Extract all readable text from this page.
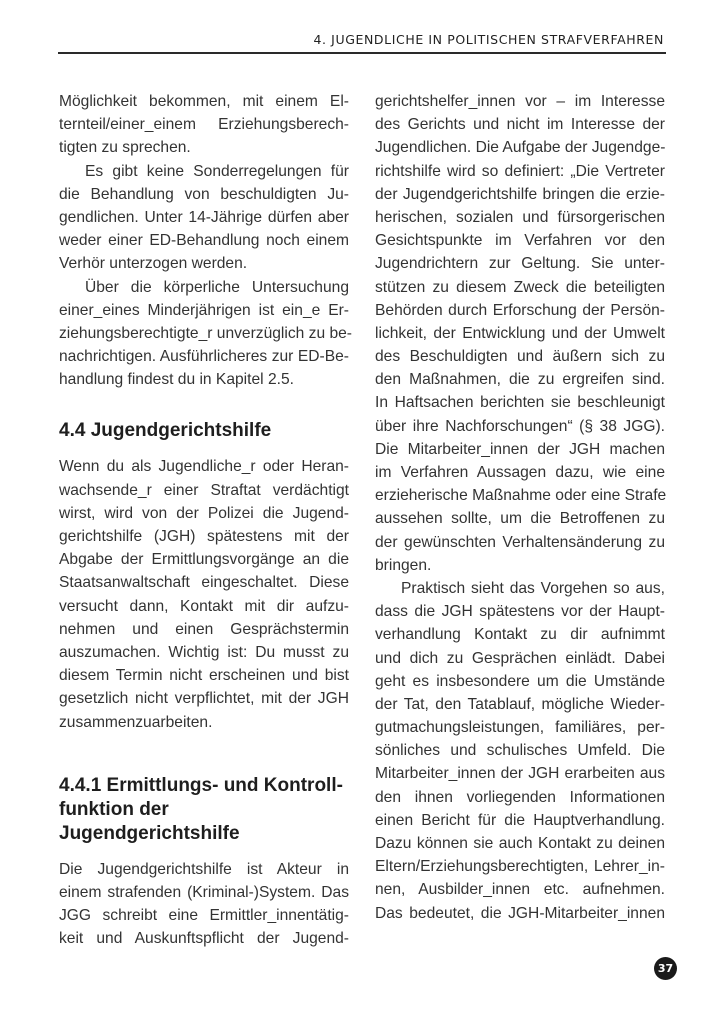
4. JUGENDLICHE IN POLITISCHEN STRAFVERFAHREN
Möglichkeit bekommen, mit einem El-
ternteil/einer_einem Erziehungsberech-
tigten zu sprechen.
Es gibt keine Sonderregelungen für
die Behandlung von beschuldigten Ju-
gendlichen. Unter 14-Jährige dürfen aber
weder einer ED-Behandlung noch einem
Verhör unterzogen werden.
Über die körperliche Untersuchung
einer_eines Minderjährigen ist ein_e Er-
ziehungsberechtigte_r unverzüglich zu be-
nachrichtigen. Ausführlicheres zur ED-Be-
handlung findest du in Kapitel 2.5.
4.4 Jugendgerichtshilfe
Wenn du als Jugendliche_r oder Heran-
wachsende_r einer Straftat verdächtigt
wirst, wird von der Polizei die Jugend-
gerichtshilfe (JGH) spätestens mit der
Abgabe der Ermittlungsvorgänge an die
Staatsanwaltschaft eingeschaltet. Diese
versucht dann, Kontakt mit dir aufzu-
nehmen und einen Gesprächstermin
auszumachen. Wichtig ist: Du musst zu
diesem Termin nicht erscheinen und bist
gesetzlich nicht verpflichtet, mit der JGH
zusammenzuarbeiten.
4.4.1 Ermittlungs- und Kontroll-
funktion der Jugendgerichtshilfe
Die Jugendgerichtshilfe ist Akteur in
einem strafenden (Kriminal-)System. Das
JGG schreibt eine Ermittler_innentätig-
keit und Auskunftspflicht der Jugend-
gerichtshelfer_innen vor – im Interesse
des Gerichts und nicht im Interesse der
Jugendlichen. Die Aufgabe der Jugendge-
richtshilfe wird so definiert: „Die Vertreter
der Jugendgerichtshilfe bringen die erzie-
herischen, sozialen und fürsorgerischen
Gesichtspunkte im Verfahren vor den
Jugendrichtern zur Geltung. Sie unter-
stützen zu diesem Zweck die beteiligten
Behörden durch Erforschung der Persön-
lichkeit, der Entwicklung und der Umwelt
des Beschuldigten und äußern sich zu
den Maßnahmen, die zu ergreifen sind.
In Haftsachen berichten sie beschleunigt
über ihre Nachforschungen“ (§ 38 JGG).
Die Mitarbeiter_innen der JGH machen
im Verfahren Aussagen dazu, wie eine
erzieherische Maßnahme oder eine Strafe
aussehen sollte, um die Betroffenen zu
der gewünschten Verhaltensänderung zu
bringen.
Praktisch sieht das Vorgehen so aus,
dass die JGH spätestens vor der Haupt-
verhandlung Kontakt zu dir aufnimmt
und dich zu Gesprächen einlädt. Dabei
geht es insbesondere um die Umstände
der Tat, den Tatablauf, mögliche Wieder-
gutmachungsleistungen, familiäres, per-
sönliches und schulisches Umfeld. Die
Mitarbeiter_innen der JGH erarbeiten aus
den ihnen vorliegenden Informationen
einen Bericht für die Hauptverhandlung.
Dazu können sie auch Kontakt zu deinen
Eltern/Erziehungsberechtigten, Lehrer_in-
nen, Ausbilder_innen etc. aufnehmen.
Das bedeutet, die JGH-Mitarbeiter_innen
37
